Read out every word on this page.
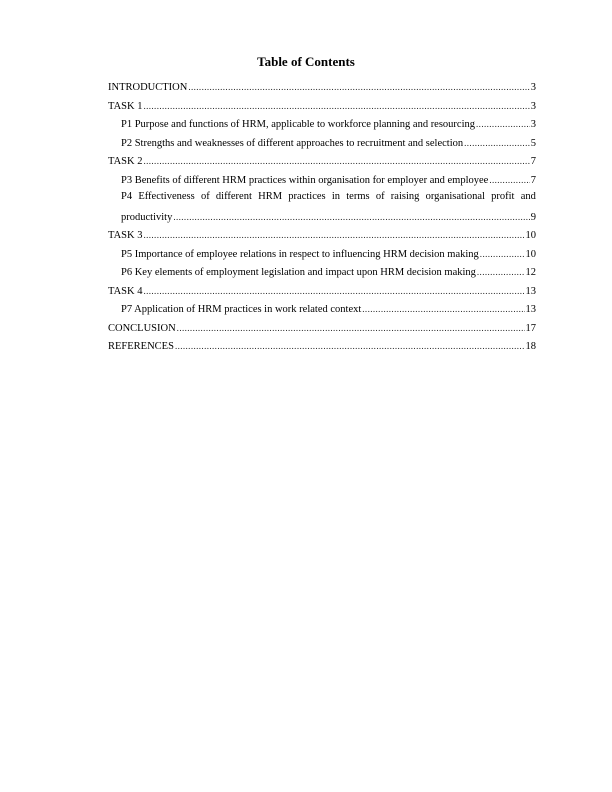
Table of Contents
INTRODUCTION .....	3
TASK 1 .....	3
P1 Purpose and functions of HRM, applicable to workforce planning and resourcing .....	3
P2 Strengths and weaknesses of different approaches to recruitment and selection .....	5
TASK 2 .....	7
P3 Benefits of different HRM practices within organisation for employer and employee .....	7
P4 Effectiveness of different HRM practices in terms of raising organisational profit and
productivity .....	9
TASK 3 .....	10
P5 Importance of employee relations in respect to influencing HRM decision making .....	10
P6 Key elements of employment legislation and impact upon HRM decision making .....	12
TASK 4 .....	13
P7 Application of HRM practices in work related context .....	13
CONCLUSION .....	17
REFERENCES .....	18
